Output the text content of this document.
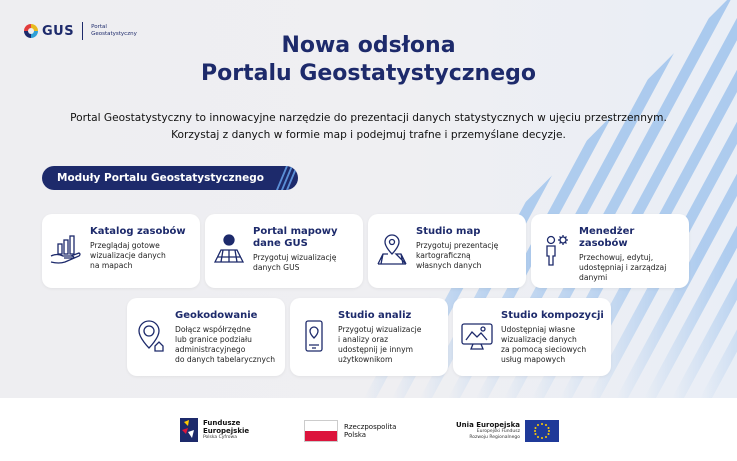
GUS	Portal
Geostatystyczny	Nowa odsłona
Portalu Geostatystycznego
Portal Geostatystyczny to innowacyjne narzędzie do prezentacji danych statystycznych w ujęciu przestrzennym.
Korzystaj z danych w formie map i podejmuj trafne i przemyślane decyzje.
Moduły Portalu Geostatystycznego
Katalog zasobów
Przeglądaj gotowe
wizualizacje danych
na mapach
Portal mapowy
dane GUS
Przygotuj wizualizację
danych GUS
Studio map
Przygotuj prezentację
kartograficzną
własnych danych
Menedżer zasobów
Przechowuj, edytuj,
udostępniaj i zarządzaj
danymi
Geokodowanie
Dołącz współrzędne
lub granice podziału
administracyjnego
do danych tabelarycznych
Studio analiz
Przygotuj wizualizacje
i analizy oraz
udostępnij je innym
użytkownikom
Studio kompozycji
Udostępniaj własne
wizualizacje danych
za pomocą sieciowych
usług mapowych
Fundusze
Europejskie
Polska Cyfrowa
Rzeczpospolita
Polska
Unia Europejska
Europejski Fundusz
Rozwoju Regionalnego
